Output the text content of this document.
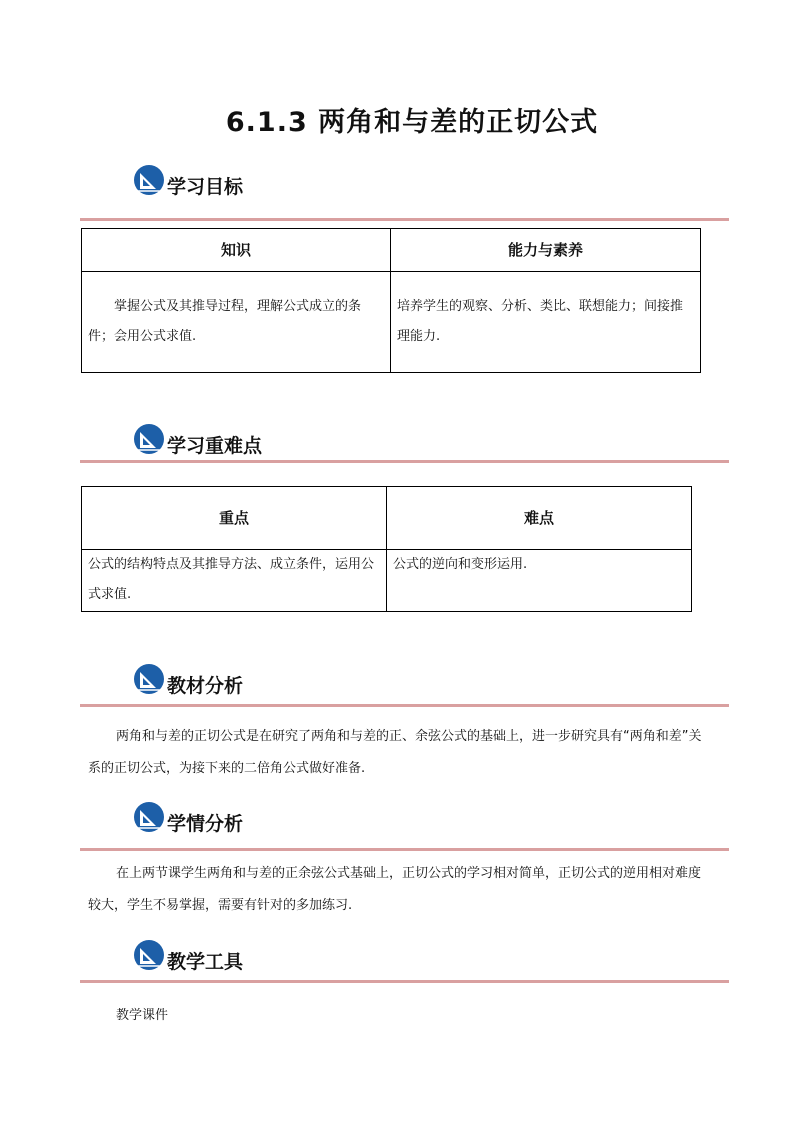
6.1.3 两角和与差的正切公式
学习目标
知识	能力与素养
掌握公式及其推导过程，理解公式成立的条件；会用公式求值.	培养学生的观察、分析、类比、联想能力；间接推理能力.
学习重难点
重点	难点
公式的结构特点及其推导方法、成立条件，运用公式求值.	公式的逆向和变形运用.
教材分析
两角和与差的正切公式是在研究了两角和与差的正、余弦公式的基础上，进一步研究具有“两角和差”关系的正切公式，为接下来的二倍角公式做好准备.
学情分析
在上两节课学生两角和与差的正余弦公式基础上，正切公式的学习相对简单，正切公式的逆用相对难度较大，学生不易掌握，需要有针对的多加练习.
教学工具
教学课件
